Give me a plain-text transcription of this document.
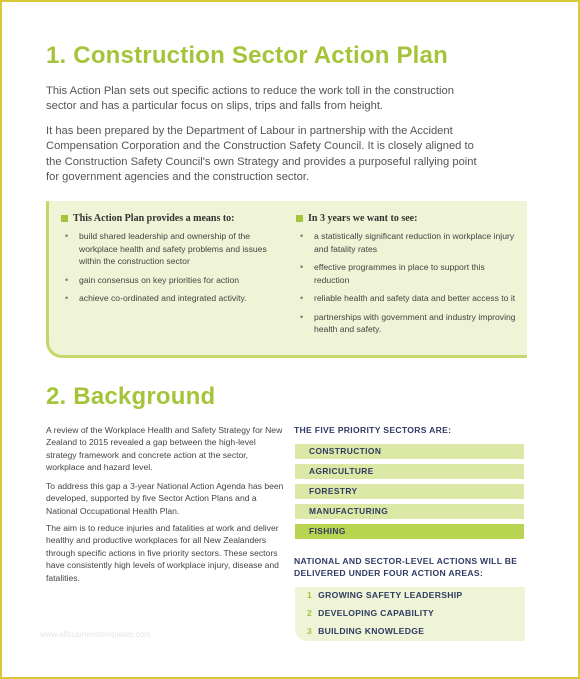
1. Construction Sector Action Plan
This Action Plan sets out specific actions to reduce the work toll in the construction
sector and has a particular focus on slips, trips and falls from height.
It has been prepared by the Department of Labour in partnership with the Accident
Compensation Corporation and the Construction Safety Council. It is closely aligned to
the Construction Safety Council's own Strategy and provides a purposeful rallying point
for government agencies and the construction sector.
This Action Plan provides a means to:
• build shared leadership and ownership of the workplace health and safety problems and issues within the construction sector
• gain consensus on key priorities for action
• achieve co-ordinated and integrated activity.
In 3 years we want to see:
• a statistically significant reduction in workplace injury and fatality rates
• effective programmes in place to support this reduction
• reliable health and safety data and better access to it
• partnerships with government and industry improving health and safety.
2. Background
A review of the Workplace Health and Safety Strategy for New Zealand to 2015 revealed a gap between the high-level strategy framework and concrete action at the sector, workplace and hazard level.
To address this gap a 3-year National Action Agenda has been developed, supported by five Sector Action Plans and a National Occupational Health Plan.
The aim is to reduce injuries and fatalities at work and deliver healthy and productive workplaces for all New Zealanders through specific actions in five priority sectors. These sectors have consistently high levels of workplace injury, disease and fatalities.
THE FIVE PRIORITY SECTORS ARE:
CONSTRUCTION
AGRICULTURE
FORESTRY
MANUFACTURING
FISHING
NATIONAL AND SECTOR-LEVEL ACTIONS WILL BE
DELIVERED UNDER FOUR ACTION AREAS:
1 GROWING SAFETY LEADERSHIP
2 DEVELOPING CAPABILITY
3 BUILDING KNOWLEDGE
www.allbusinesstemplates.com
